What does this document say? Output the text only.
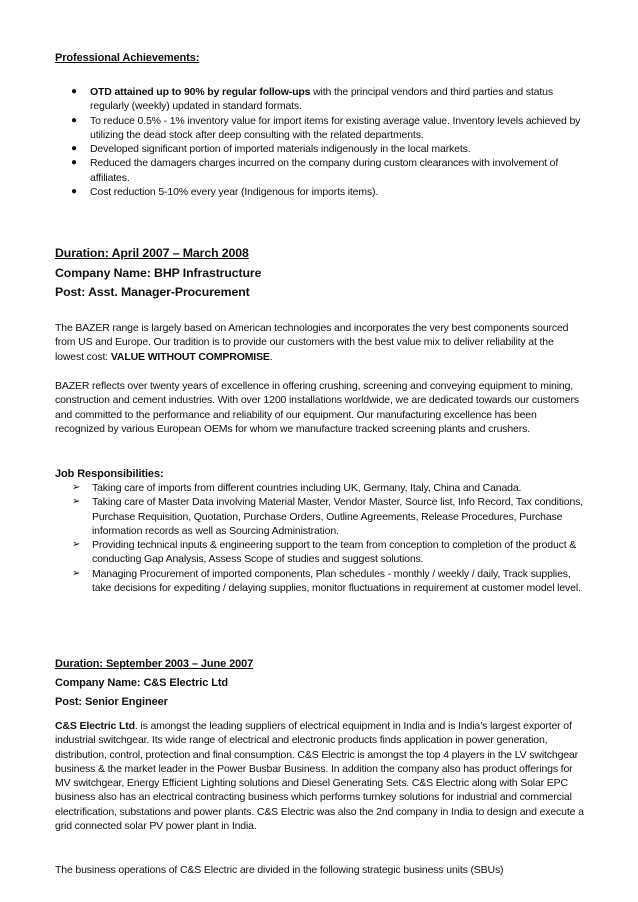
Professional Achievements:
● OTD attained up to 90% by regular follow-ups with the principal vendors and third parties and status regularly (weekly) updated in standard formats.
● To reduce 0.5% - 1% inventory value for import items for existing average value. Inventory levels achieved by utilizing the dead stock after deep consulting with the related departments.
● Developed significant portion of imported materials indigenously in the local markets.
● Reduced the damagers charges incurred on the company during custom clearances with involvement of affiliates.
● Cost reduction 5-10% every year (Indigenous for imports items).
Duration: April 2007 – March 2008
Company Name: BHP Infrastructure
Post: Asst. Manager-Procurement
The BAZER range is largely based on American technologies and incorporates the very best components sourced from US and Europe. Our tradition is to provide our customers with the best value mix to deliver reliability at the lowest cost: VALUE WITHOUT COMPROMISE.
BAZER reflects over twenty years of excellence in offering crushing, screening and conveying equipment to mining, construction and cement industries. With over 1200 installations worldwide, we are dedicated towards our customers and committed to the performance and reliability of our equipment. Our manufacturing excellence has been recognized by various European OEMs for whom we manufacture tracked screening plants and crushers.
Job Responsibilities:
➢ Taking care of imports from different countries including UK, Germany, Italy, China and Canada.
➢ Taking care of Master Data involving Material Master, Vendor Master, Source list, Info Record, Tax conditions, Purchase Requisition, Quotation, Purchase Orders, Outline Agreements, Release Procedures, Purchase information records as well as Sourcing Administration.
➢ Providing technical inputs & engineering support to the team from conception to completion of the product & conducting Gap Analysis, Assess Scope of studies and suggest solutions.
➢ Managing Procurement of imported components, Plan schedules - monthly / weekly / daily, Track supplies, take decisions for expediting / delaying supplies, monitor fluctuations in requirement at customer model level.
Duration: September 2003 – June 2007
Company Name: C&S Electric Ltd
Post: Senior Engineer
C&S Electric Ltd. is amongst the leading suppliers of electrical equipment in India and is India’s largest exporter of industrial switchgear. Its wide range of electrical and electronic products finds application in power generation, distribution, control, protection and final consumption. C&S Electric is amongst the top 4 players in the LV switchgear business & the market leader in the Power Busbar Business. In addition the company also has product offerings for MV switchgear, Energy Efficient Lighting solutions and Diesel Generating Sets. C&S Electric along with Solar EPC business also has an electrical contracting business which performs turnkey solutions for industrial and commercial electrification, substations and power plants. C&S Electric was also the 2nd company in India to design and execute a grid connected solar PV power plant in India.
The business operations of C&S Electric are divided in the following strategic business units (SBUs)
